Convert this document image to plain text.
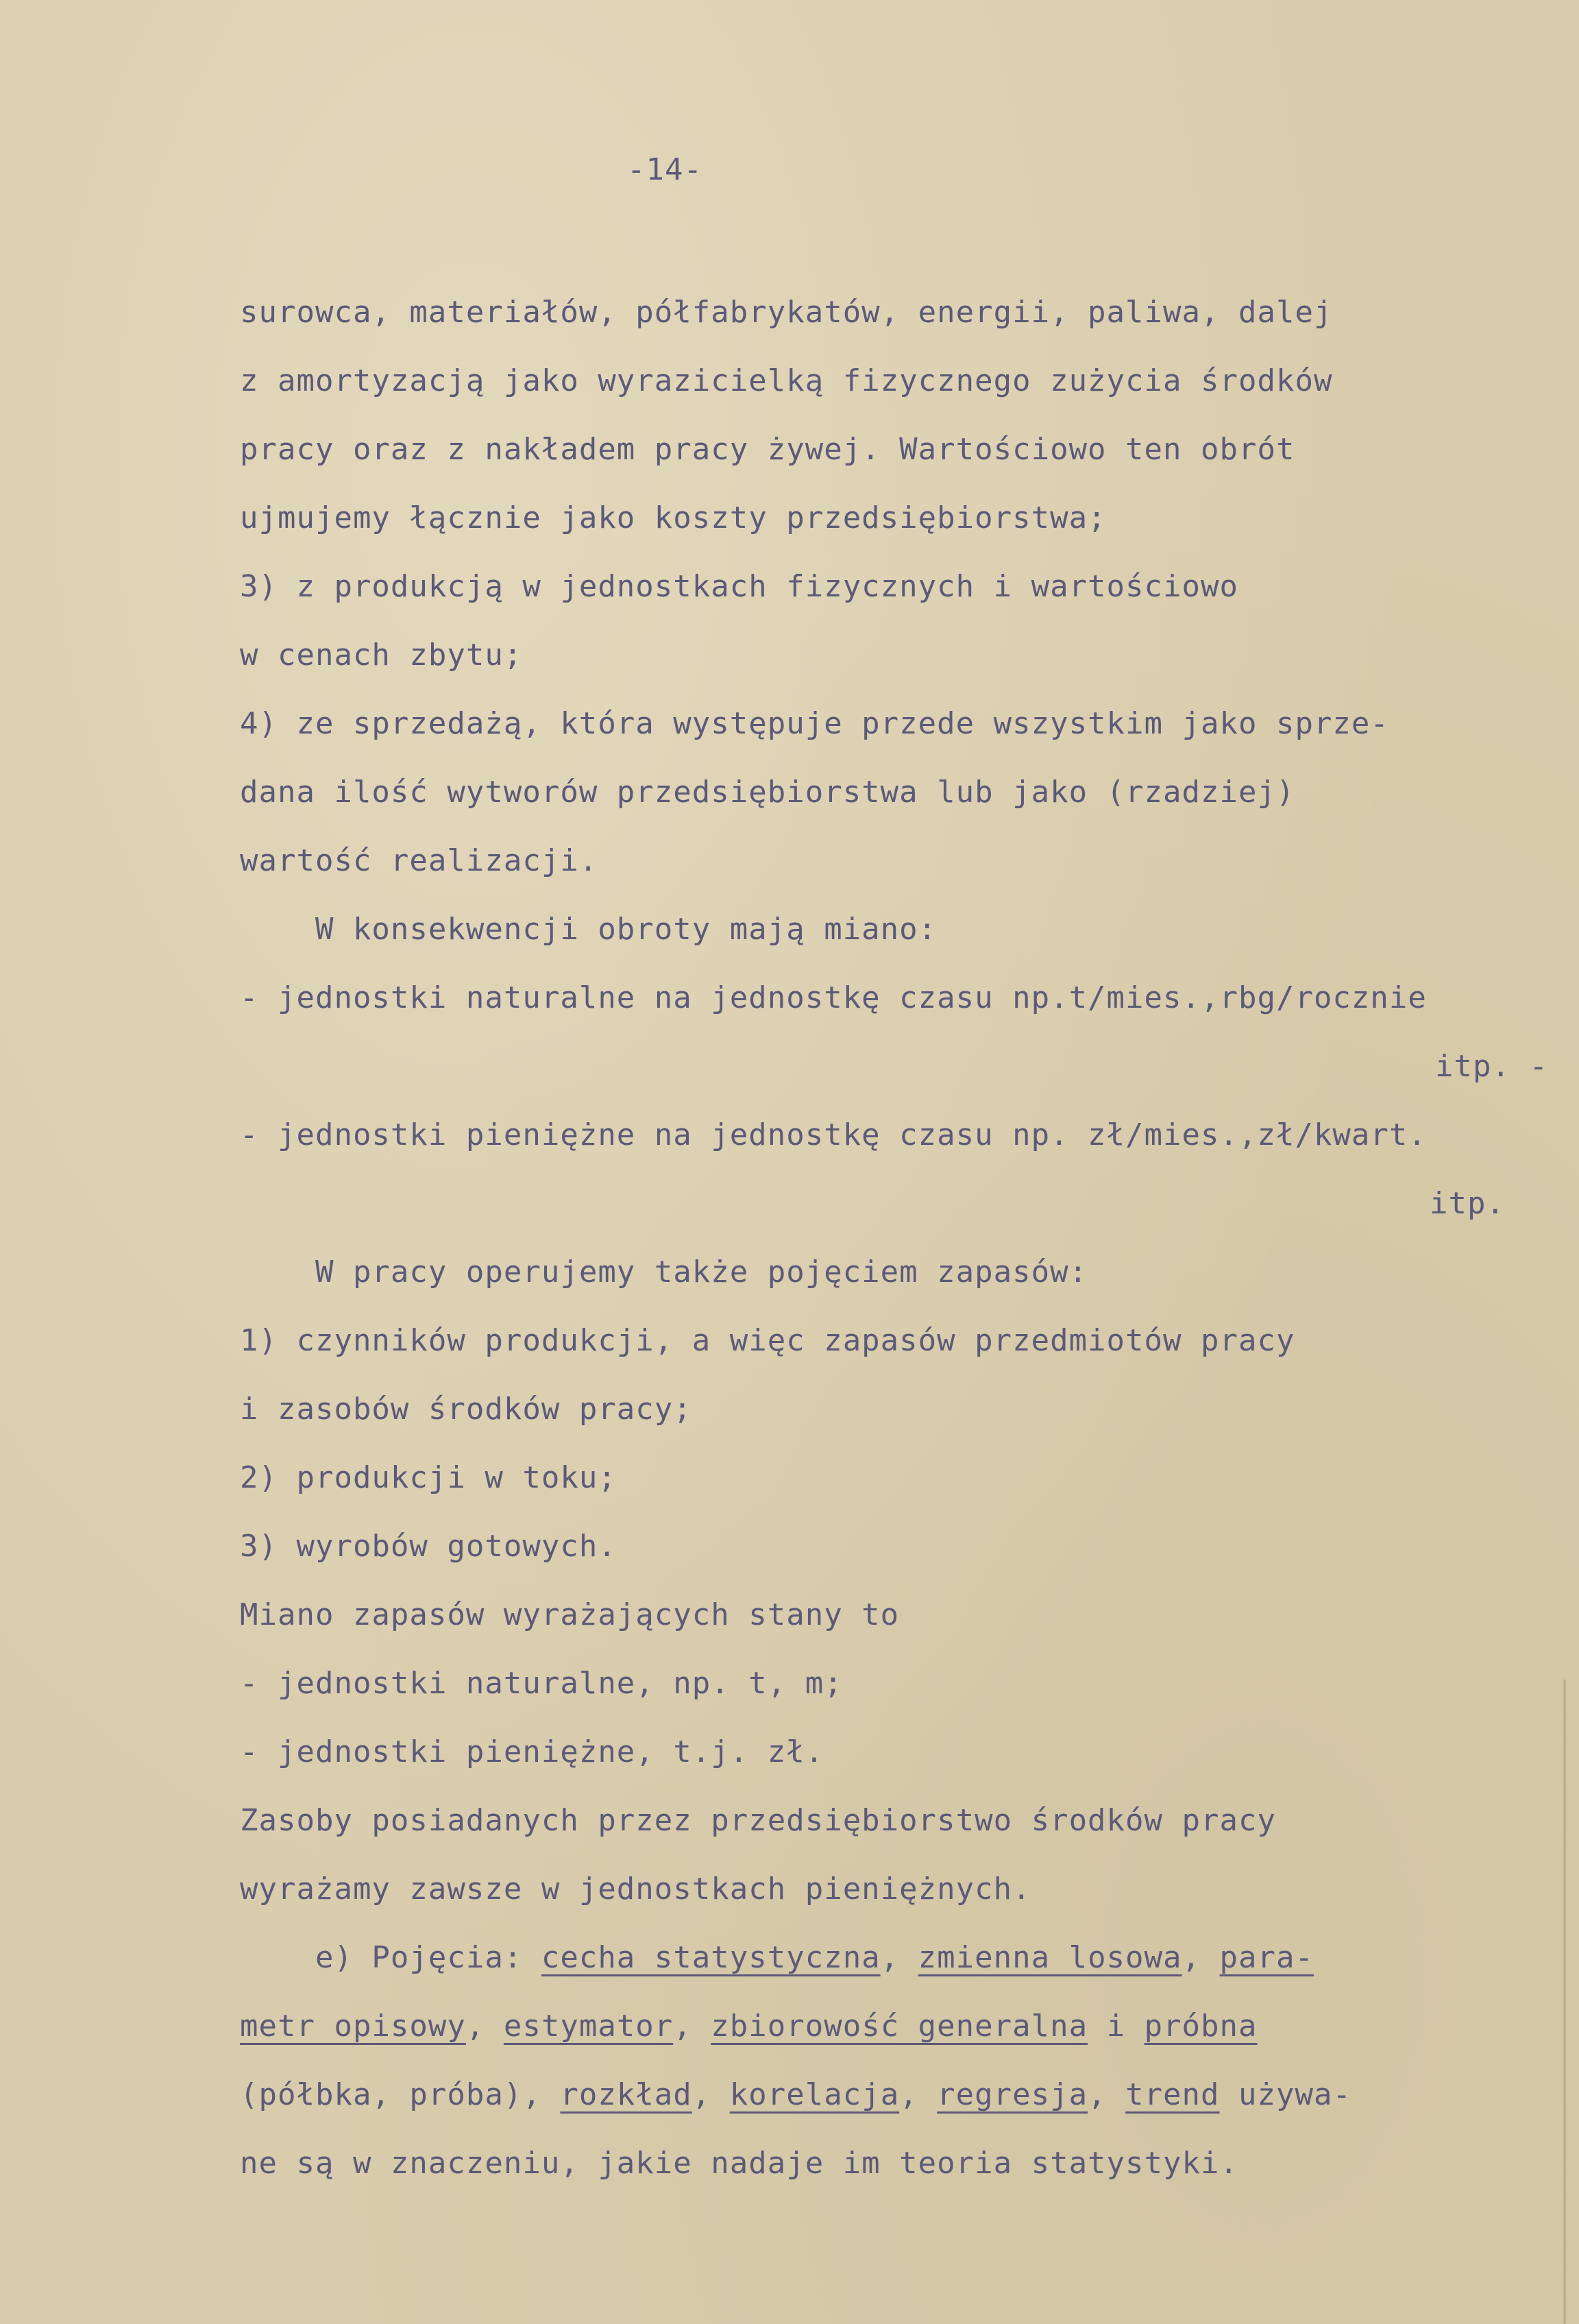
-14-
surowca, materiałów, półfabrykatów, energii, paliwa, dalej
z amortyzacją jako wyrazicielką fizycznego zużycia środków
pracy oraz z nakładem pracy żywej. Wartościowo ten obrót
ujmujemy łącznie jako koszty przedsiębiorstwa;
3) z produkcją w jednostkach fizycznych i wartościowo
w cenach zbytu;
4) ze sprzedażą, która występuje przede wszystkim jako sprze-
dana ilość wytworów przedsiębiorstwa lub jako (rzadziej)
wartość realizacji.
W konsekwencji obroty mają miano:
- jednostki naturalne na jednostkę czasu np.t/mies.,rbg/rocznie
itp. -
- jednostki pieniężne na jednostkę czasu np. zł/mies.,zł/kwart.
itp.
W pracy operujemy także pojęciem zapasów:
1) czynników produkcji, a więc zapasów przedmiotów pracy
i zasobów środków pracy;
2) produkcji w toku;
3) wyrobów gotowych.
Miano zapasów wyrażających stany to
- jednostki naturalne, np. t, m;
- jednostki pieniężne, t.j. zł.
Zasoby posiadanych przez przedsiębiorstwo środków pracy
wyrażamy zawsze w jednostkach pieniężnych.
e) Pojęcia: cecha statystyczna, zmienna losowa, para-
metr opisowy, estymator, zbiorowość generalna i próbna
(półbka, próba), rozkład, korelacja, regresja, trend używa-
ne są w znaczeniu, jakie nadaje im teoria statystyki.
